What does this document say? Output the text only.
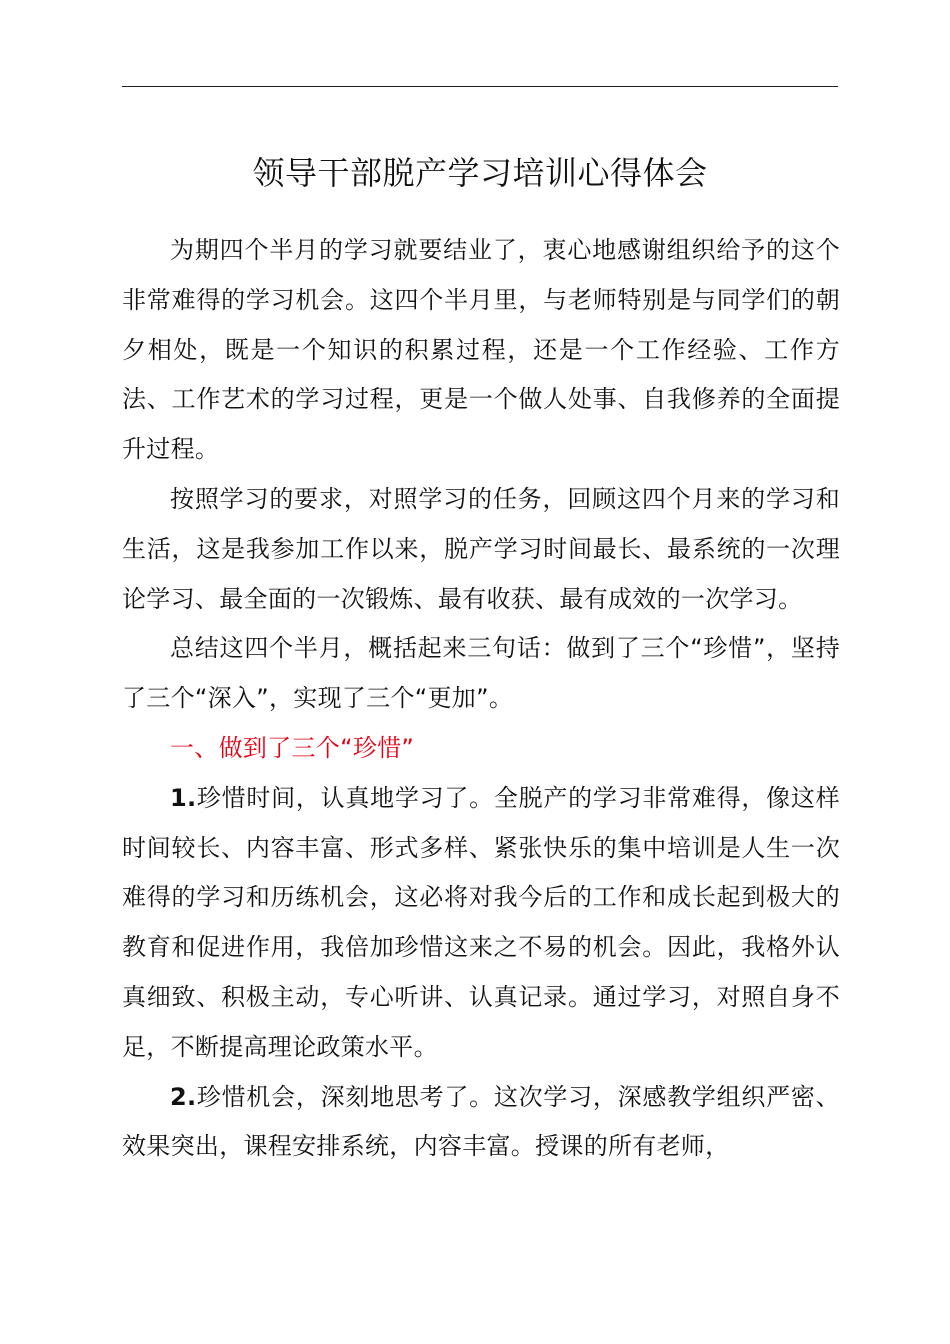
领导干部脱产学习培训心得体会

为期四个半月的学习就要结业了，衷心地感谢组织给予的这个非常难得的学习机会。这四个半月里，与老师特别是与同学们的朝夕相处，既是一个知识的积累过程，还是一个工作经验、工作方法、工作艺术的学习过程，更是一个做人处事、自我修养的全面提升过程。

按照学习的要求，对照学习的任务，回顾这四个月来的学习和生活，这是我参加工作以来，脱产学习时间最长、最系统的一次理论学习、最全面的一次锻炼、最有收获、最有成效的一次学习。

总结这四个半月，概括起来三句话：做到了三个“珍惜”，坚持了三个“深入”，实现了三个“更加”。

一、做到了三个“珍惜”

1.珍惜时间，认真地学习了。全脱产的学习非常难得，像这样时间较长、内容丰富、形式多样、紧张快乐的集中培训是人生一次难得的学习和历练机会，这必将对我今后的工作和成长起到极大的教育和促进作用，我倍加珍惜这来之不易的机会。因此，我格外认真细致、积极主动，专心听讲、认真记录。通过学习，对照自身不足，不断提高理论政策水平。

2.珍惜机会，深刻地思考了。这次学习，深感教学组织严密、效果突出，课程安排系统，内容丰富。授课的所有老师，
